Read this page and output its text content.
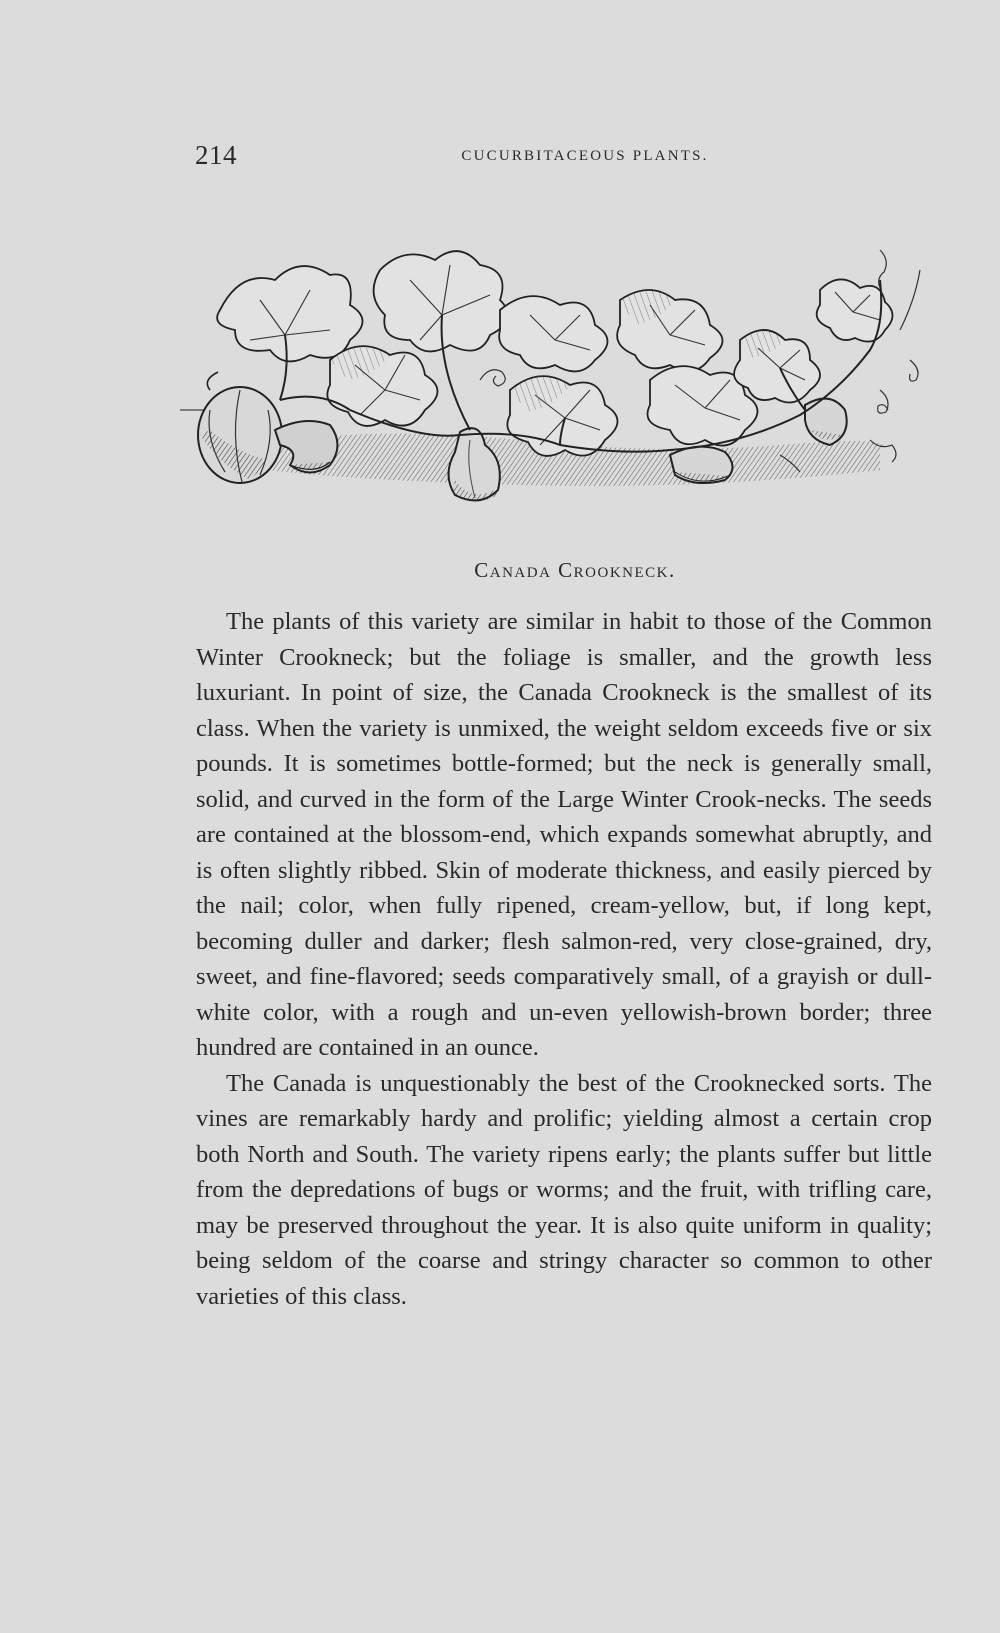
214	CUCURBITACEOUS PLANTS.
Canada Crookneck.

The plants of this variety are similar in habit to those of the Common Winter Crookneck; but the foliage is smaller, and the growth less luxuriant. In point of size, the Canada Crookneck is the smallest of its class. When the variety is unmixed, the weight seldom exceeds five or six pounds. It is sometimes bottle-formed; but the neck is generally small, solid, and curved in the form of the Large Winter Crook-necks. The seeds are contained at the blossom-end, which expands somewhat abruptly, and is often slightly ribbed. Skin of moderate thickness, and easily pierced by the nail; color, when fully ripened, cream-yellow, but, if long kept, becoming duller and darker; flesh salmon-red, very close-grained, dry, sweet, and fine-flavored; seeds comparatively small, of a grayish or dull-white color, with a rough and un-even yellowish-brown border; three hundred are contained in an ounce.

The Canada is unquestionably the best of the Crooknecked sorts. The vines are remarkably hardy and prolific; yielding almost a certain crop both North and South. The variety ripens early; the plants suffer but little from the depredations of bugs or worms; and the fruit, with trifling care, may be preserved throughout the year. It is also quite uniform in quality; being seldom of the coarse and stringy character so common to other varieties of this class.
